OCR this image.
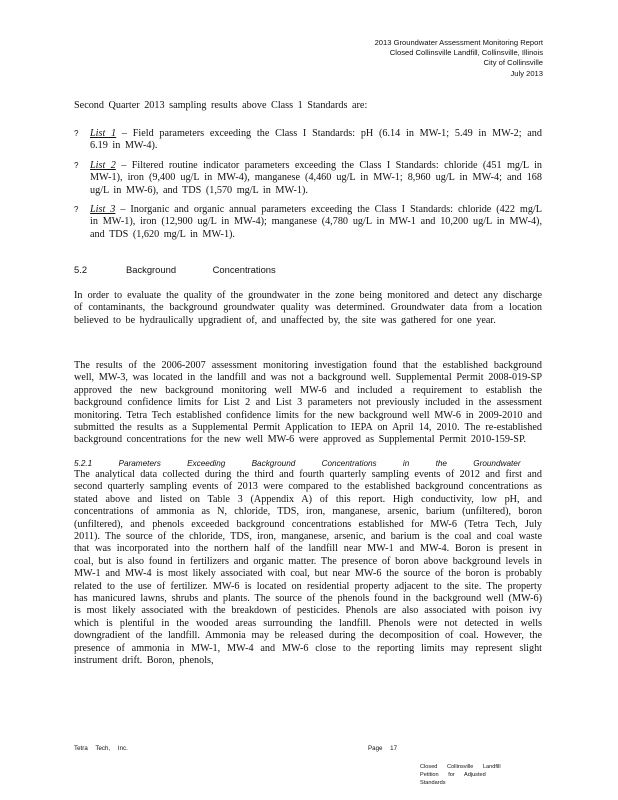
2013 Groundwater Assessment Monitoring Report
Closed Collinsville Landfill, Collinsville, Illinois
City of Collinsville
July 2013
Second Quarter 2013 sampling results above Class 1 Standards are:
? List 1 – Field parameters exceeding the Class I Standards: pH (6.14 in MW-1; 5.49 in MW-2; and 6.19 in MW-4).
? List 2 – Filtered routine indicator parameters exceeding the Class I Standards: chloride (451 mg/L in MW-1), iron (9,400 ug/L in MW-4), manganese (4,460 ug/L in MW-1; 8,960 ug/L in MW-4; and 168 ug/L in MW-6), and TDS (1,570 mg/L in MW-1).
? List 3 – Inorganic and organic annual parameters exceeding the Class I Standards: chloride (422 mg/L in MW-1), iron (12,900 ug/L in MW-4); manganese (4,780 ug/L in MW-1 and 10,200 ug/L in MW-4), and TDS (1,620 mg/L in MW-1).
5.2	Background Concentrations
In order to evaluate the quality of the groundwater in the zone being monitored and detect any discharge of contaminants, the background groundwater quality was determined. Groundwater data from a location believed to be hydraulically upgradient of, and unaffected by, the site was gathered for one year.
The results of the 2006-2007 assessment monitoring investigation found that the established background well, MW-3, was located in the landfill and was not a background well. Supplemental Permit 2008-019-SP approved the new background monitoring well MW-6 and included a requirement to establish the background confidence limits for List 2 and List 3 parameters not previously included in the assessment monitoring. Tetra Tech established confidence limits for the new background well MW-6 in 2009-2010 and submitted the results as a Supplemental Permit Application to IEPA on April 14, 2010. The re-established background concentrations for the new well MW-6 were approved as Supplemental Permit 2010-159-SP.
5.2.1	Parameters Exceeding Background Concentrations in the Groundwater
The analytical data collected during the third and fourth quarterly sampling events of 2012 and first and second quarterly sampling events of 2013 were compared to the established background concentrations as stated above and listed on Table 3 (Appendix A) of this report. High conductivity, low pH, and concentrations of ammonia as N, chloride, TDS, iron, manganese, arsenic, barium (unfiltered), boron (unfiltered), and phenols exceeded background concentrations established for MW-6 (Tetra Tech, July 2011). The source of the chloride, TDS, iron, manganese, arsenic, and barium is the coal and coal waste that was incorporated into the northern half of the landfill near MW-1 and MW-4. Boron is present in coal, but is also found in fertilizers and organic matter. The presence of boron above background levels in MW-1 and MW-4 is most likely associated with coal, but near MW-6 the source of the boron is probably related to the use of fertilizer. MW-6 is located on residential property adjacent to the site. The property has manicured lawns, shrubs and plants. The source of the phenols found in the background well (MW-6) is most likely associated with the breakdown of pesticides. Phenols are also associated with poison ivy which is plentiful in the wooded areas surrounding the landfill. Phenols were not detected in wells downgradient of the landfill. Ammonia may be released during the decomposition of coal. However, the presence of ammonia in MW-1, MW-4 and MW-6 close to the reporting limits may represent slight instrument drift. Boron, phenols,
Tetra Tech, Inc.	Page 17
Closed Collinsville Landfill
Petition for Adjusted Standards
